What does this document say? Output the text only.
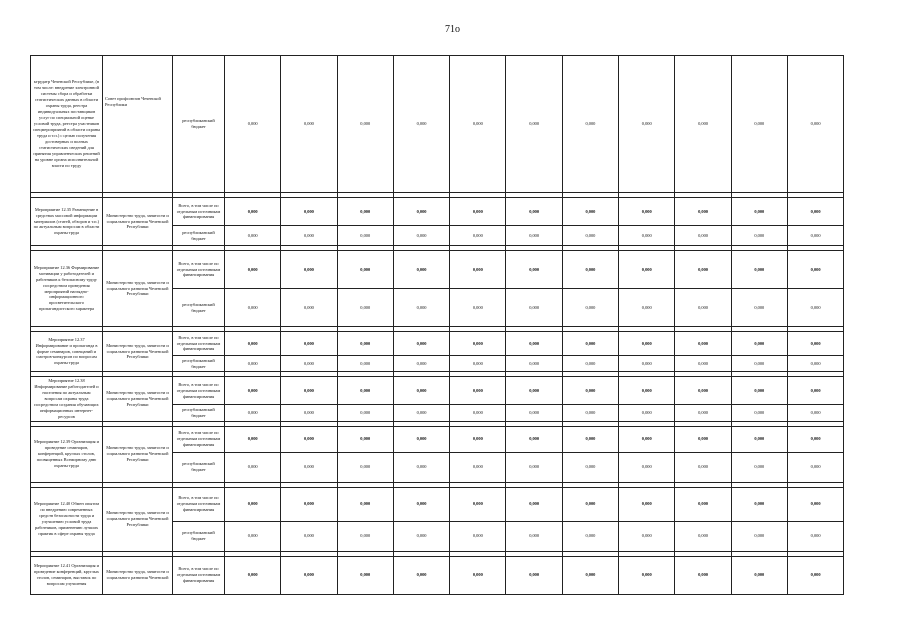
71о
ьтрудатр Чеченской Республике, (в том числе: внедрение электронной системы сбора и обработки статистических данных в области охраны труда, реестра индивидуальных поставщиков услуг по специальной оценке условий труда, реестра участников спецмероприятий в области охраны труда и т.п.) с целью получения достоверных и полных статистических сведений для принятия управленческих решений на уровне органа исполнительной власти по труду	Совет профсоюзов Чеченской Республики	республиканский бюджет	0,000	0,000	0,000	0,000	0,000	0,000	0,000	0,000	0,000	0,000	0,000

Мероприятие 12.35 Размещение в средствах массовой информации материалов (статей, обзоров и т.п.) по актуальным вопросам в области охраны труда	Министерство труда, занятости и социального развития Чеченской Республики	Всего, в том числе по отдельным источникам финансирования	0,000	0,000	0,000	0,000	0,000	0,000	0,000	0,000	0,000	0,000	0,000
		республиканский бюджет	0,000	0,000	0,000	0,000	0,000	0,000	0,000	0,000	0,000	0,000	0,000

Мероприятие 12.36 Формирование мотивации у работодателей и работников к безопасному труду посредством проведения мероприятий наглядно-информационного просветительского пропагандистского характера	Министерство труда, занятости и социального развития Чеченской Республики	Всего, в том числе по отдельным источникам финансирования	0,000	0,000	0,000	0,000	0,000	0,000	0,000	0,000	0,000	0,000	0,000
		республиканский бюджет	0,000	0,000	0,000	0,000	0,000	0,000	0,000	0,000	0,000	0,000	0,000

Мероприятие 12.37 Информирование и пропаганда в форме семинаров, совещаний и смотров-конкурсов по вопросам охраны труда	Министерство труда, занятости и социального развития Чеченской Республики	Всего, в том числе по отдельным источникам финансирования	0,000	0,000	0,000	0,000	0,000	0,000	0,000	0,000	0,000	0,000	0,000
		республиканский бюджет	0,000	0,000	0,000	0,000	0,000	0,000	0,000	0,000	0,000	0,000	0,000

Мероприятие 12.38 Информирование работодателей и населения по актуальным вопросам охраны труда посредством создания обучающих информационных интернет-ресурсов	Министерство труда, занятости и социального развития Чеченской Республики	Всего, в том числе по отдельным источникам финансирования	0,000	0,000	0,000	0,000	0,000	0,000	0,000	0,000	0,000	0,000	0,000
		республиканский бюджет	0,000	0,000	0,000	0,000	0,000	0,000	0,000	0,000	0,000	0,000	0,000

Мероприятие 12.39 Организация и проведение семинаров, конференций, круглых столов, посвященных Всемирному дню охраны труда	Министерство труда, занятости и социального развития Чеченской Республики	Всего, в том числе по отдельным источникам финансирования	0,000	0,000	0,000	0,000	0,000	0,000	0,000	0,000	0,000	0,000	0,000
		республиканский бюджет	0,000	0,000	0,000	0,000	0,000	0,000	0,000	0,000	0,000	0,000	0,000

Мероприятие 12.40 Обмен опытом по внедрению современных средств безопасности труда и улучшению условий труда работников, применению лучших практик в сфере охраны труда	Министерство труда, занятости и социального развития Чеченской Республики	Всего, в том числе по отдельным источникам финансирования	0,000	0,000	0,000	0,000	0,000	0,000	0,000	0,000	0,000	0,000	0,000
		республиканский бюджет	0,000	0,000	0,000	0,000	0,000	0,000	0,000	0,000	0,000	0,000	0,000

Мероприятие 12.41 Организация и проведение конференций, круглых столов, семинаров, выставок по вопросам улучшения	Министерство труда, занятости и социального развития Чеченской	Всего, в том числе по отдельным источникам финансирования	0,000	0,000	0,000	0,000	0,000	0,000	0,000	0,000	0,000	0,000	0,000
